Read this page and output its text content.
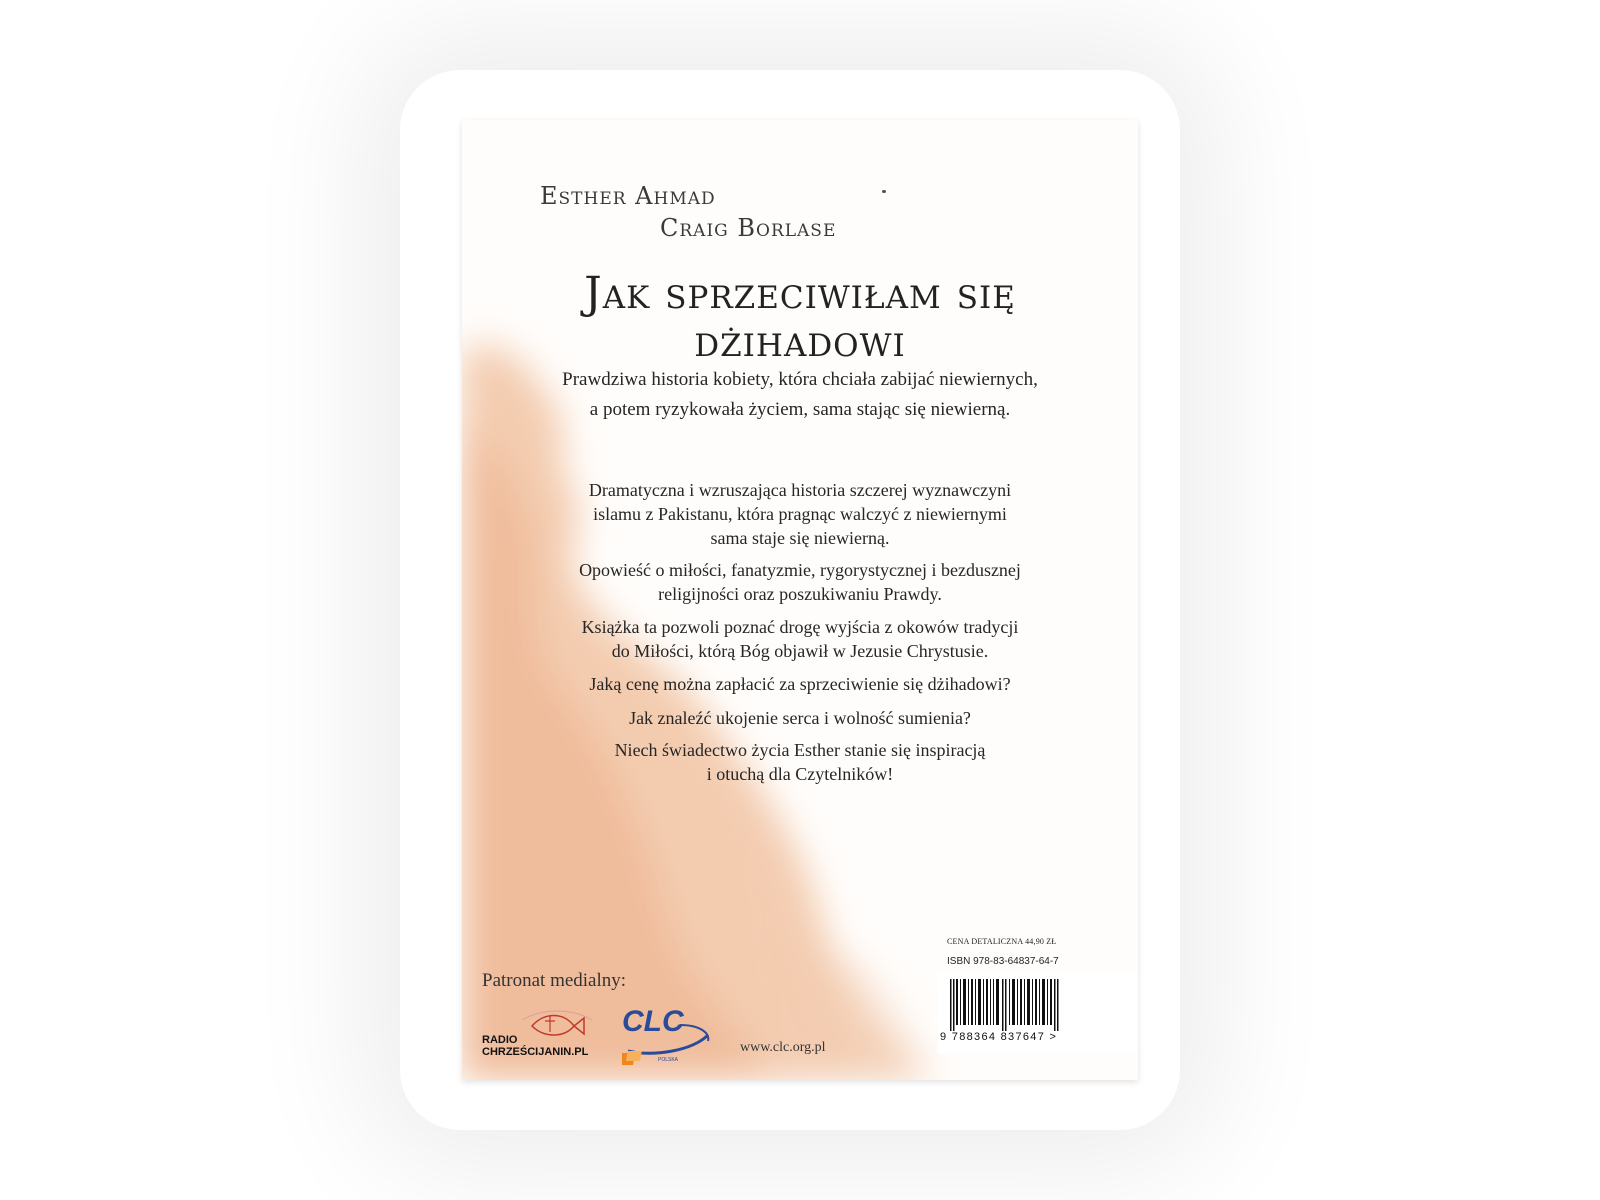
Esther Ahmad
Craig Borlase
Jak sprzeciwiłam się
dżihadowi
Prawdziwa historia kobiety, która chciała zabijać niewiernych,
a potem ryzykowała życiem, sama stając się niewierną.
Dramatyczna i wzruszająca historia szczerej wyznawczyni
islamu z Pakistanu, która pragnąc walczyć z niewiernymi
sama staje się niewierną.
Opowieść o miłości, fanatyzmie, rygorystycznej i bezdusznej
religijności oraz poszukiwaniu Prawdy.
Książka ta pozwoli poznać drogę wyjścia z okowów tradycji
do Miłości, którą Bóg objawił w Jezusie Chrystusie.
Jaką cenę można zapłacić za sprzeciwienie się dżihadowi?
Jak znaleźć ukojenie serca i wolność sumienia?
Niech świadectwo życia Esther stanie się inspiracją
i otuchą dla Czytelników!
Patronat medialny:
RADIO
CHRZEŚCIJANIN.PL
CLC
POLSKA
www.clc.org.pl
CENA DETALICZNA 44,90 ZŁ
ISBN 978-83-64837-64-7
9 788364 837647 >
